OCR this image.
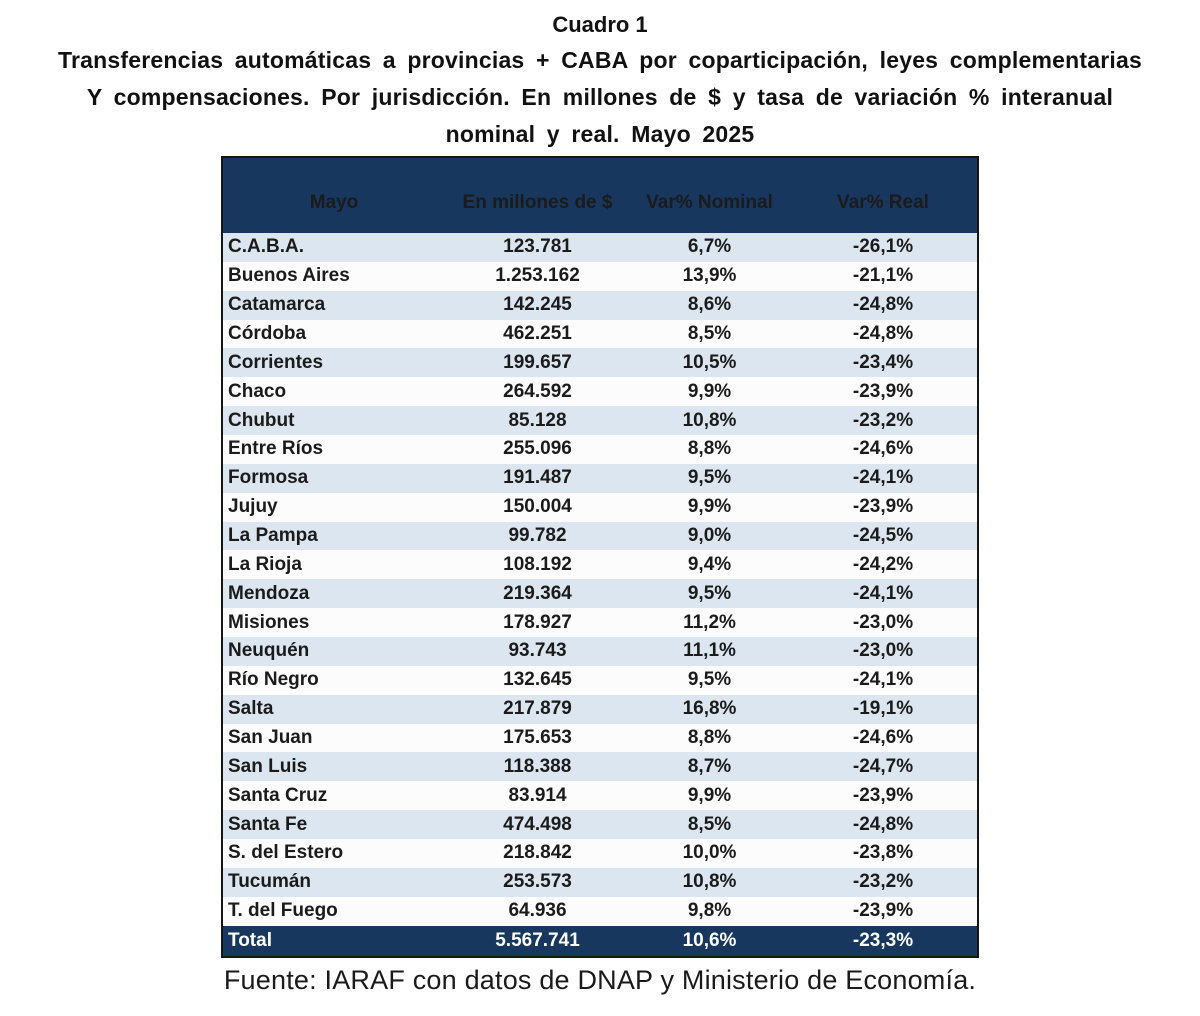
Cuadro 1
Transferencias automáticas a provincias + CABA por coparticipación, leyes complementarias
Y compensaciones. Por jurisdicción. En millones de $ y tasa de variación % interanual
nominal y real. Mayo 2025
Mayo	En millones de $	Var% Nominal	Var% Real
C.A.B.A.	123.781	6,7%	-26,1%
Buenos Aires	1.253.162	13,9%	-21,1%
Catamarca	142.245	8,6%	-24,8%
Córdoba	462.251	8,5%	-24,8%
Corrientes	199.657	10,5%	-23,4%
Chaco	264.592	9,9%	-23,9%
Chubut	85.128	10,8%	-23,2%
Entre Ríos	255.096	8,8%	-24,6%
Formosa	191.487	9,5%	-24,1%
Jujuy	150.004	9,9%	-23,9%
La Pampa	99.782	9,0%	-24,5%
La Rioja	108.192	9,4%	-24,2%
Mendoza	219.364	9,5%	-24,1%
Misiones	178.927	11,2%	-23,0%
Neuquén	93.743	11,1%	-23,0%
Río Negro	132.645	9,5%	-24,1%
Salta	217.879	16,8%	-19,1%
San Juan	175.653	8,8%	-24,6%
San Luis	118.388	8,7%	-24,7%
Santa Cruz	83.914	9,9%	-23,9%
Santa Fe	474.498	8,5%	-24,8%
S. del Estero	218.842	10,0%	-23,8%
Tucumán	253.573	10,8%	-23,2%
T. del Fuego	64.936	9,8%	-23,9%
Total	5.567.741	10,6%	-23,3%
Fuente: IARAF con datos de DNAP y Ministerio de Economía.
